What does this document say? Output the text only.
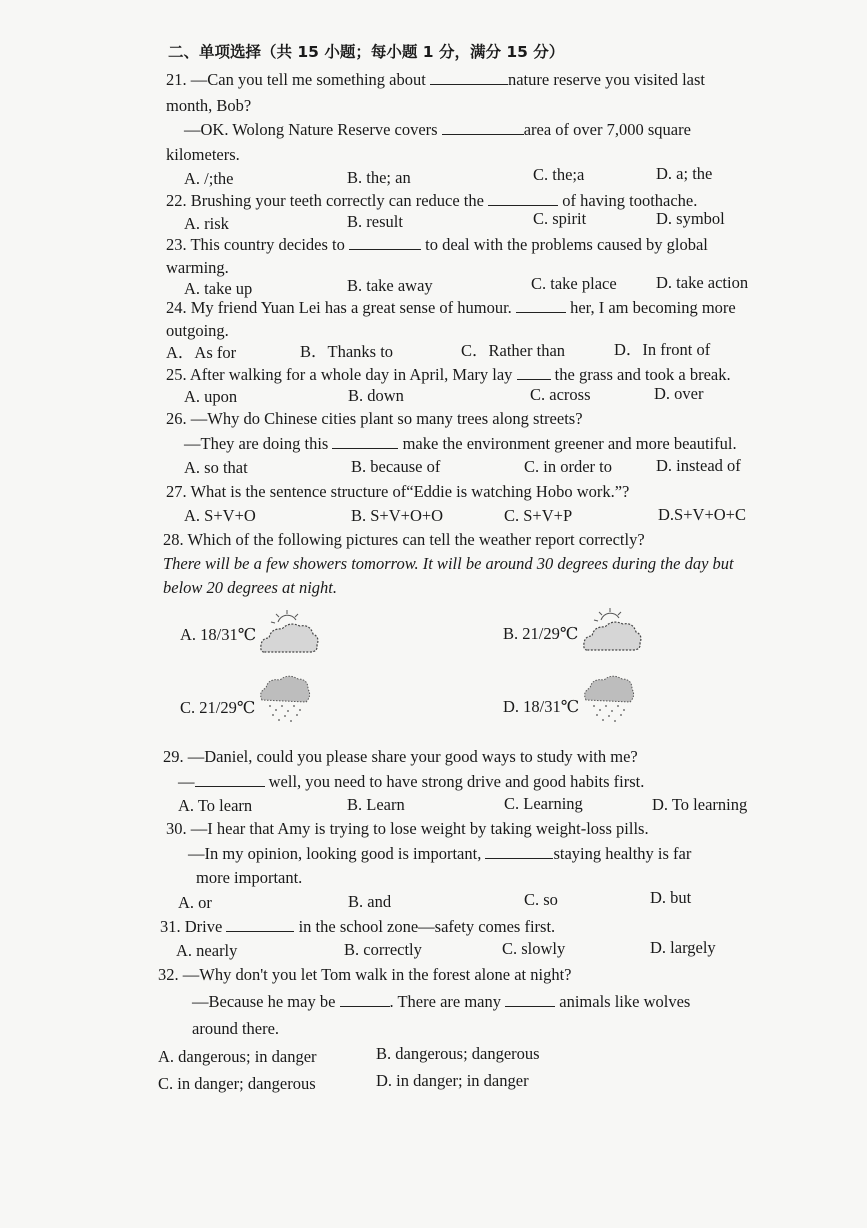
二、单项选择（共 15 小题；每小题 1 分，满分 15 分）
21. —Can you tell me something about	nature reserve you visited last
month, Bob?
—OK. Wolong Nature Reserve covers	area of over 7,000 square
kilometers.
A. /;the	B. the; an	C. the;a	D. a; the
22. Brushing your teeth correctly can reduce the	of having toothache.
A. risk	B. result	C. spirit	D. symbol
23. This country decides to	to deal with the problems caused by global
warming.
A. take up	B. take away	C. take place D. take action
24. My friend Yuan Lei has a great sense of humour.	her, I am becoming more
outgoing.
A．As for	B．Thanks to	C．Rather than	D．In front of
25. After walking for a whole day in April, Mary lay	the grass and took a break.
A. upon	B. down	C. across	D. over
26. —Why do Chinese cities plant so many trees along streets?
—They are doing this	make the environment greener and more beautiful.
A. so that	B. because of	C. in order to	D. instead of
27. What is the sentence structure of“Eddie is watching Hobo work.”?
A. S+V+O	B. S+V+O+O	C. S+V+P	D.S+V+O+C
28. Which of the following pictures can tell the weather report correctly?
There will be a few showers tomorrow. It will be around 30 degrees during the day but
below 20 degrees at night.
A. 18/31℃	B. 21/29℃
C. 21/29℃	D. 18/31℃
29. —Daniel, could you please share your good ways to study with me?
—	well, you need to have strong drive and good habits first.
A. To learn	B. Learn	C. Learning	D. To learning
30. —I hear that Amy is trying to lose weight by taking weight-loss pills.
—In my opinion, looking good is important,	staying healthy is far
more important.
A. or	B. and	C. so	D. but
31. Drive	in the school zone—safety comes first.
A. nearly	B. correctly	C. slowly	D. largely
32. —Why don't you let Tom walk in the forest alone at night?
—Because he may be	. There are many	animals like wolves
around there.
A. dangerous; in danger	B. dangerous; dangerous
C. in danger; dangerous	D. in danger; in danger
